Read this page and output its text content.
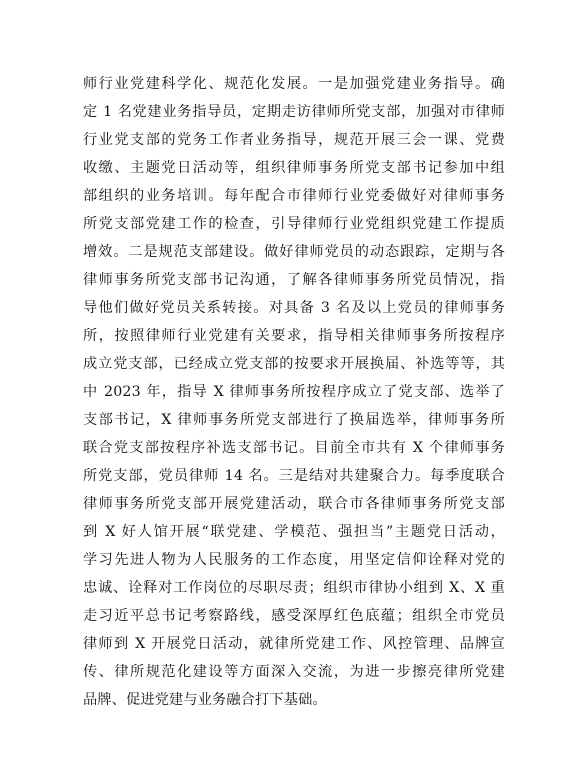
师行业党建科学化、规范化发展。一是加强党建业务指导。确
定 1 名党建业务指导员，定期走访律师所党支部，加强对市律师
行业党支部的党务工作者业务指导，规范开展三会一课、党费
收缴、主题党日活动等，组织律师事务所党支部书记参加中组
部组织的业务培训。每年配合市律师行业党委做好对律师事务
所党支部党建工作的检查，引导律师行业党组织党建工作提质
增效。二是规范支部建设。做好律师党员的动态跟踪，定期与各
律师事务所党支部书记沟通，了解各律师事务所党员情况，指
导他们做好党员关系转接。对具备 3 名及以上党员的律师事务
所，按照律师行业党建有关要求，指导相关律师事务所按程序
成立党支部，已经成立党支部的按要求开展换届、补选等等，其
中 2023 年，指导 X 律师事务所按程序成立了党支部、选举了
支部书记，X 律师事务所党支部进行了换届选举，律师事务所
联合党支部按程序补选支部书记。目前全市共有 X 个律师事务
所党支部，党员律师 14 名。三是结对共建聚合力。每季度联合
律师事务所党支部开展党建活动，联合市各律师事务所党支部
到 X 好人馆开展“联党建、学模范、强担当”主题党日活动，
学习先进人物为人民服务的工作态度，用坚定信仰诠释对党的
忠诚、诠释对工作岗位的尽职尽责；组织市律协小组到 X、X 重
走习近平总书记考察路线，感受深厚红色底蕴；组织全市党员
律师到 X 开展党日活动，就律所党建工作、风控管理、品牌宣
传、律所规范化建设等方面深入交流，为进一步擦亮律所党建
品牌、促进党建与业务融合打下基础。
